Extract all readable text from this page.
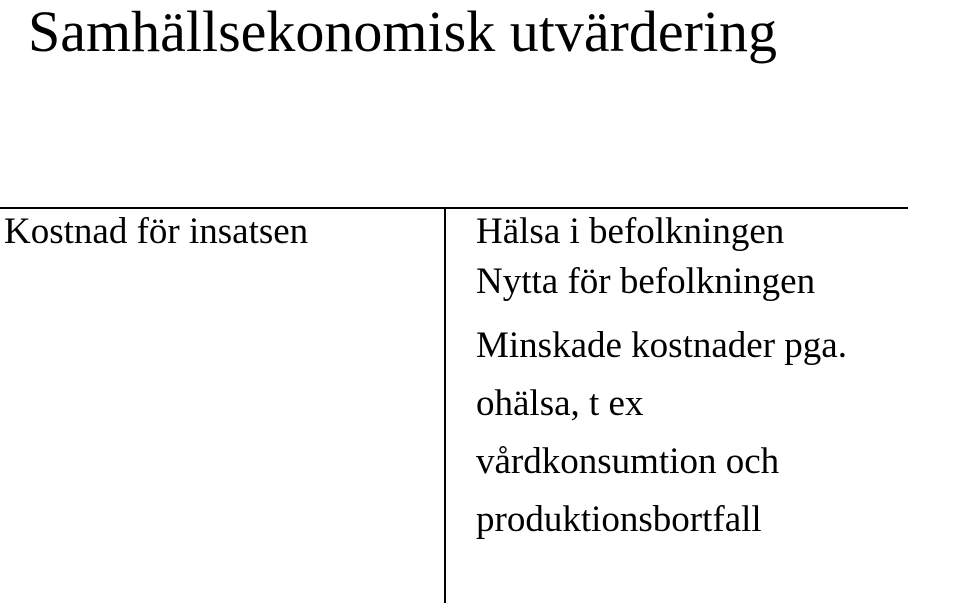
Samhällsekonomisk utvärdering
Kostnad för insatsen	Hälsa i befolkningen
Nytta för befolkningen
Minskade kostnader pga.
ohälsa, t ex
vårdkonsumtion och
produktionsbortfall
